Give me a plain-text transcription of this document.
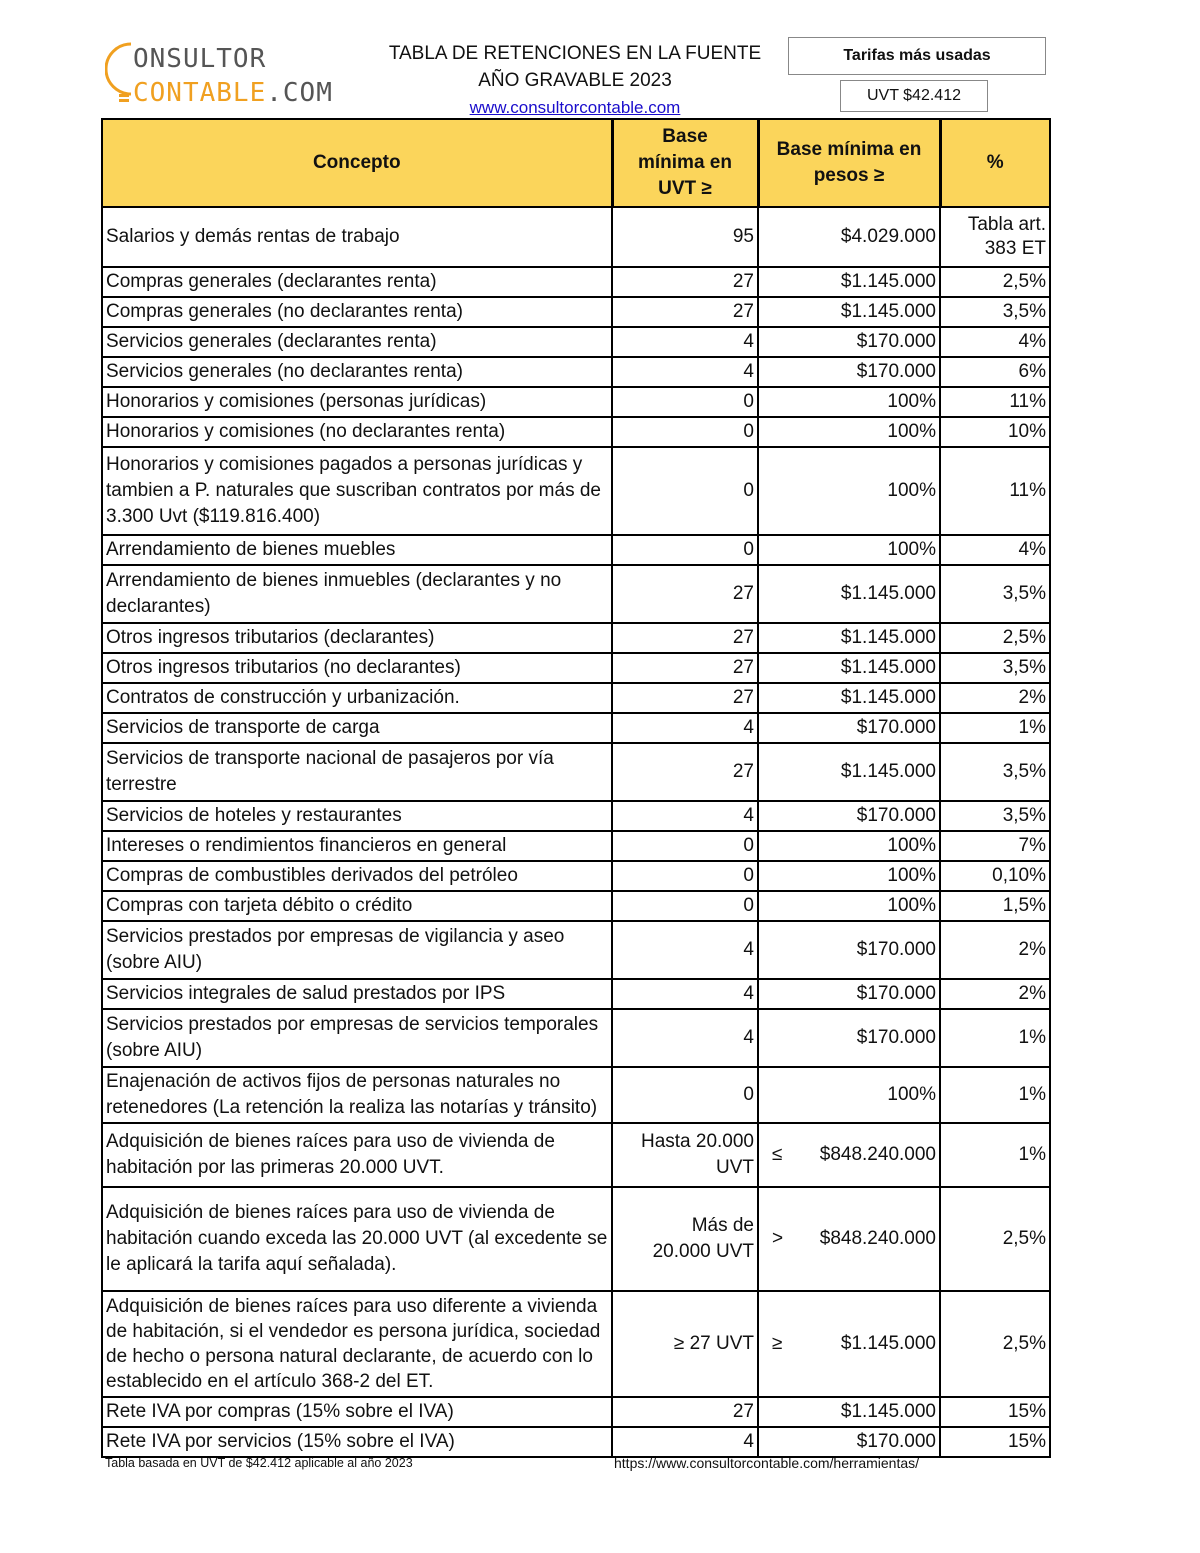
ONSULTOR
CONTABLE.COM
TABLA DE RETENCIONES EN LA FUENTE
AÑO GRAVABLE 2023
www.consultorcontable.com
Tarifas más usadas
UVT $42.412
Concepto	Base mínima en UVT ≥	Base mínima en pesos ≥	%
Salarios y demás rentas de trabajo	95	$4.029.000	Tabla art. 383 ET
Compras generales (declarantes renta)	27	$1.145.000	2,5%
Compras generales (no declarantes renta)	27	$1.145.000	3,5%
Servicios generales (declarantes renta)	4	$170.000	4%
Servicios generales (no declarantes renta)	4	$170.000	6%
Honorarios y comisiones (personas jurídicas)	0	100%	11%
Honorarios y comisiones (no declarantes renta)	0	100%	10%
Honorarios y comisiones pagados a personas jurídicas y tambien a P. naturales que suscriban contratos por más de 3.300 Uvt ($119.816.400)	0	100%	11%
Arrendamiento de bienes muebles	0	100%	4%
Arrendamiento de bienes inmuebles (declarantes y no declarantes)	27	$1.145.000	3,5%
Otros ingresos tributarios (declarantes)	27	$1.145.000	2,5%
Otros ingresos tributarios (no declarantes)	27	$1.145.000	3,5%
Contratos de construcción y urbanización.	27	$1.145.000	2%
Servicios de transporte de carga	4	$170.000	1%
Servicios de transporte nacional de pasajeros por vía terrestre	27	$1.145.000	3,5%
Servicios de hoteles y restaurantes	4	$170.000	3,5%
Intereses o rendimientos financieros en general	0	100%	7%
Compras de combustibles derivados del petróleo	0	100%	0,10%
Compras con tarjeta débito o crédito	0	100%	1,5%
Servicios prestados por empresas de vigilancia y aseo (sobre AIU)	4	$170.000	2%
Servicios integrales de salud prestados por IPS	4	$170.000	2%
Servicios prestados por empresas de servicios temporales (sobre AIU)	4	$170.000	1%
Enajenación de activos fijos de personas naturales no retenedores (La retención la realiza las notarías y tránsito)	0	100%	1%
Adquisición de bienes raíces para uso de vivienda de habitación por las primeras 20.000 UVT.	Hasta 20.000 UVT	≤ $848.240.000	1%
Adquisición de bienes raíces para uso de vivienda de habitación cuando exceda las 20.000 UVT (al excedente se le aplicará la tarifa aquí señalada).	Más de 20.000 UVT	> $848.240.000	2,5%
Adquisición de bienes raíces para uso diferente a vivienda de habitación, si el vendedor es persona jurídica, sociedad de hecho o persona natural declarante, de acuerdo con lo establecido en el artículo 368-2 del ET.	≥ 27 UVT	≥ $1.145.000	2,5%
Rete IVA por compras (15% sobre el IVA)	27	$1.145.000	15%
Rete IVA por servicios (15% sobre el IVA)	4	$170.000	15%
Tabla basada en UVT de $42.412 aplicable al año 2023	https://www.consultorcontable.com/herramientas/
